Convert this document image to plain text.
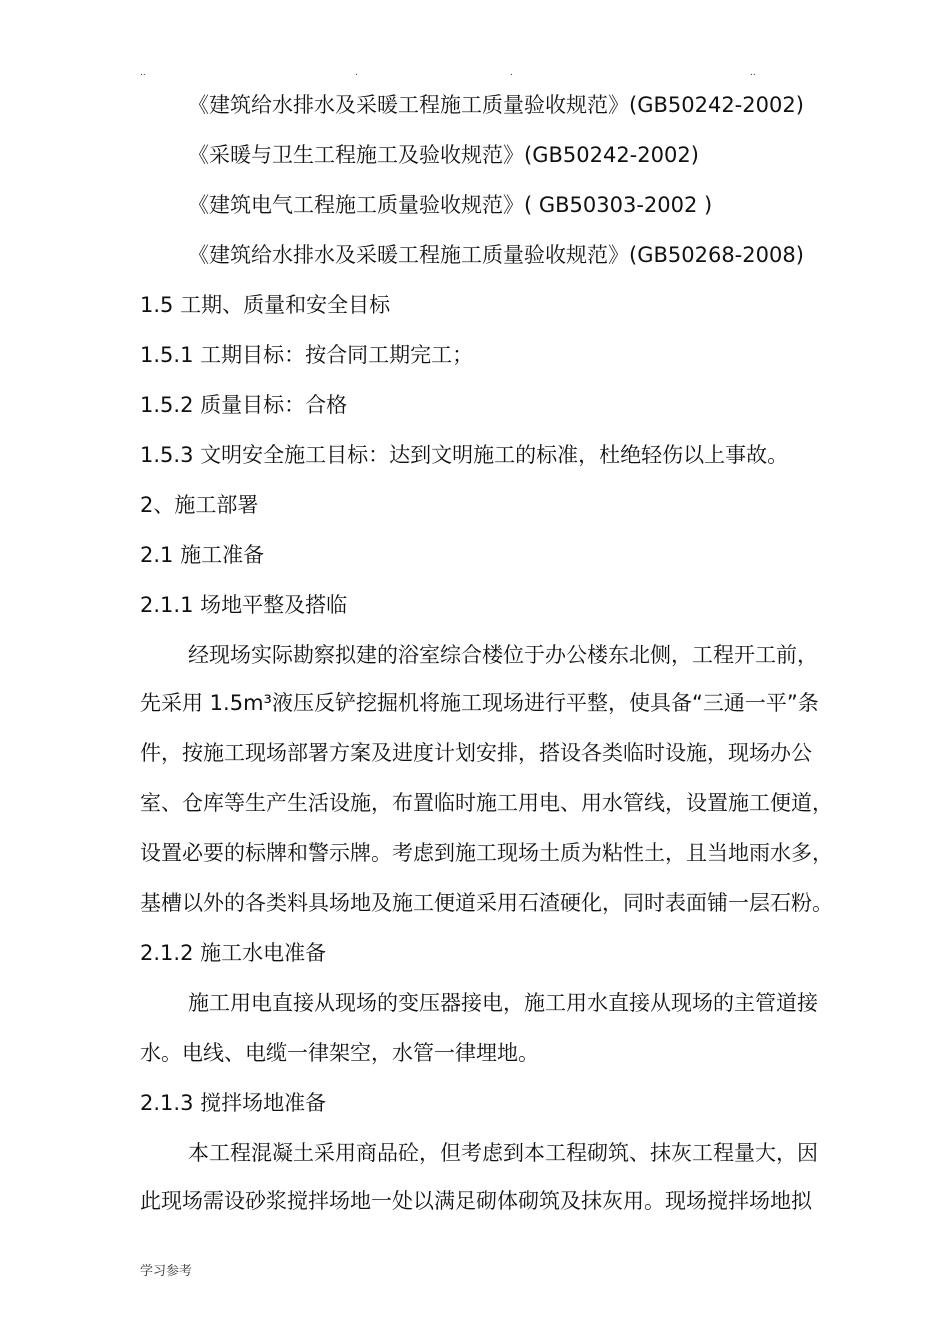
..	.	.	..
《建筑给水排水及采暖工程施工质量验收规范》(GB50242-2002)
《采暖与卫生工程施工及验收规范》(GB50242-2002)
《建筑电气工程施工质量验收规范》( GB50303-2002 )
《建筑给水排水及采暖工程施工质量验收规范》(GB50268-2008)
1.5 工期、质量和安全目标
1.5.1 工期目标：按合同工期完工；
1.5.2 质量目标：合格
1.5.3 文明安全施工目标：达到文明施工的标准，杜绝轻伤以上事故。
2、施工部署
2.1 施工准备
2.1.1 场地平整及搭临
经现场实际勘察拟建的浴室综合楼位于办公楼东北侧，工程开工前，
先采用 1.5m³液压反铲挖掘机将施工现场进行平整，使具备“三通一平”条
件，按施工现场部署方案及进度计划安排，搭设各类临时设施，现场办公
室、仓库等生产生活设施，布置临时施工用电、用水管线，设置施工便道，
设置必要的标牌和警示牌。考虑到施工现场土质为粘性土，且当地雨水多，
基槽以外的各类料具场地及施工便道采用石渣硬化，同时表面铺一层石粉。
2.1.2 施工水电准备
施工用电直接从现场的变压器接电，施工用水直接从现场的主管道接
水。电线、电缆一律架空，水管一律埋地。
2.1.3 搅拌场地准备
本工程混凝土采用商品砼，但考虑到本工程砌筑、抹灰工程量大，因
此现场需设砂浆搅拌场地一处以满足砌体砌筑及抹灰用。现场搅拌场地拟
学习参考
